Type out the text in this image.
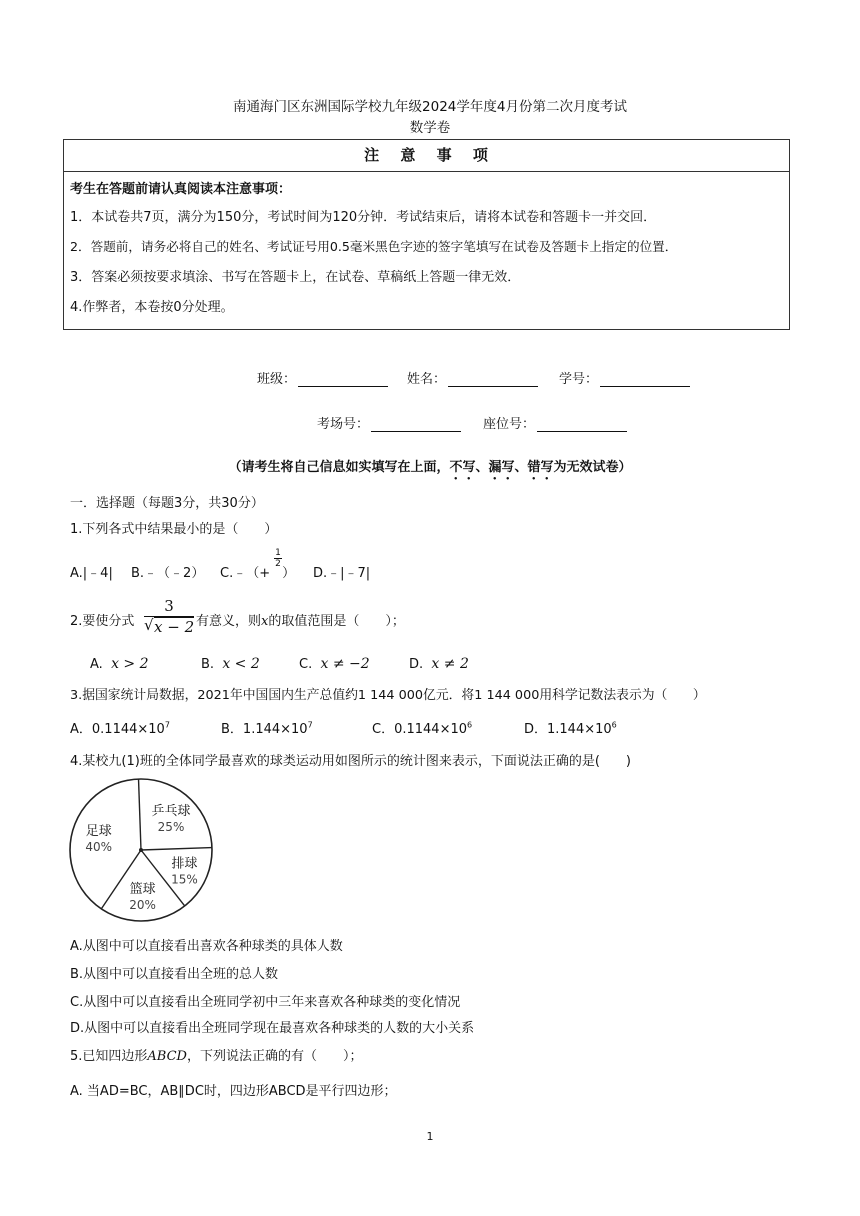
南通海门区东洲国际学校九年级2024学年度4月份第二次月度考试
数学卷
注 意 事 项
考生在答题前请认真阅读本注意事项：
1．本试卷共7页，满分为150分，考试时间为120分钟．考试结束后，请将本试卷和答题卡一并交回．
2．答题前，请务必将自己的姓名、考试证号用0.5毫米黑色字迹的签字笔填写在试卷及答题卡上指定的位置．
3．答案必须按要求填涂、书写在答题卡上，在试卷、草稿纸上答题一律无效．
4.作弊者，本卷按0分处理。
班级：	姓名：	学号：
考场号：	座位号：
（请考生将自己信息如实填写在上面，不写、漏写、错写为无效试卷）
一．选择题（每题3分，共30分）
1.下列各式中结果最小的是（　　）
A.|﹣4| B.﹣（﹣2） C.﹣（+ ）
$\frac{1}{2}$
D.﹣|﹣7|
2.要使分式 $\frac{3}{√ x - 2}$ 有意义，则x的取值范围是（　　）；
A. x > 2	B. x < 2	C. x ≠ −2	D. x ≠ 2
3.据国家统计局数据，2021年中国国内生产总值约1 144 000亿元．将1 144 000用科学记数法表示为（　　）
A．$0.1144\times 10^7$	B．$1.144\times 10^7$	C．$0.1144\times 10^6$	D．$1.144\times 10^6$
4.某校九(1)班的全体同学最喜欢的球类运动用如图所示的统计图来表示，下面说法正确的是(　　)
乒乓球
25%
排球
15%
篮球
20%
足球
40%
A.从图中可以直接看出喜欢各种球类的具体人数
B.从图中可以直接看出全班的总人数
C.从图中可以直接看出全班同学初中三年来喜欢各种球类的变化情况
D.从图中可以直接看出全班同学现在最喜欢各种球类的人数的大小关系
5.已知四边形ABCD，下列说法正确的有（　　）；
A. 当AD=BC，AB∥DC时，四边形ABCD是平行四边形；
1
